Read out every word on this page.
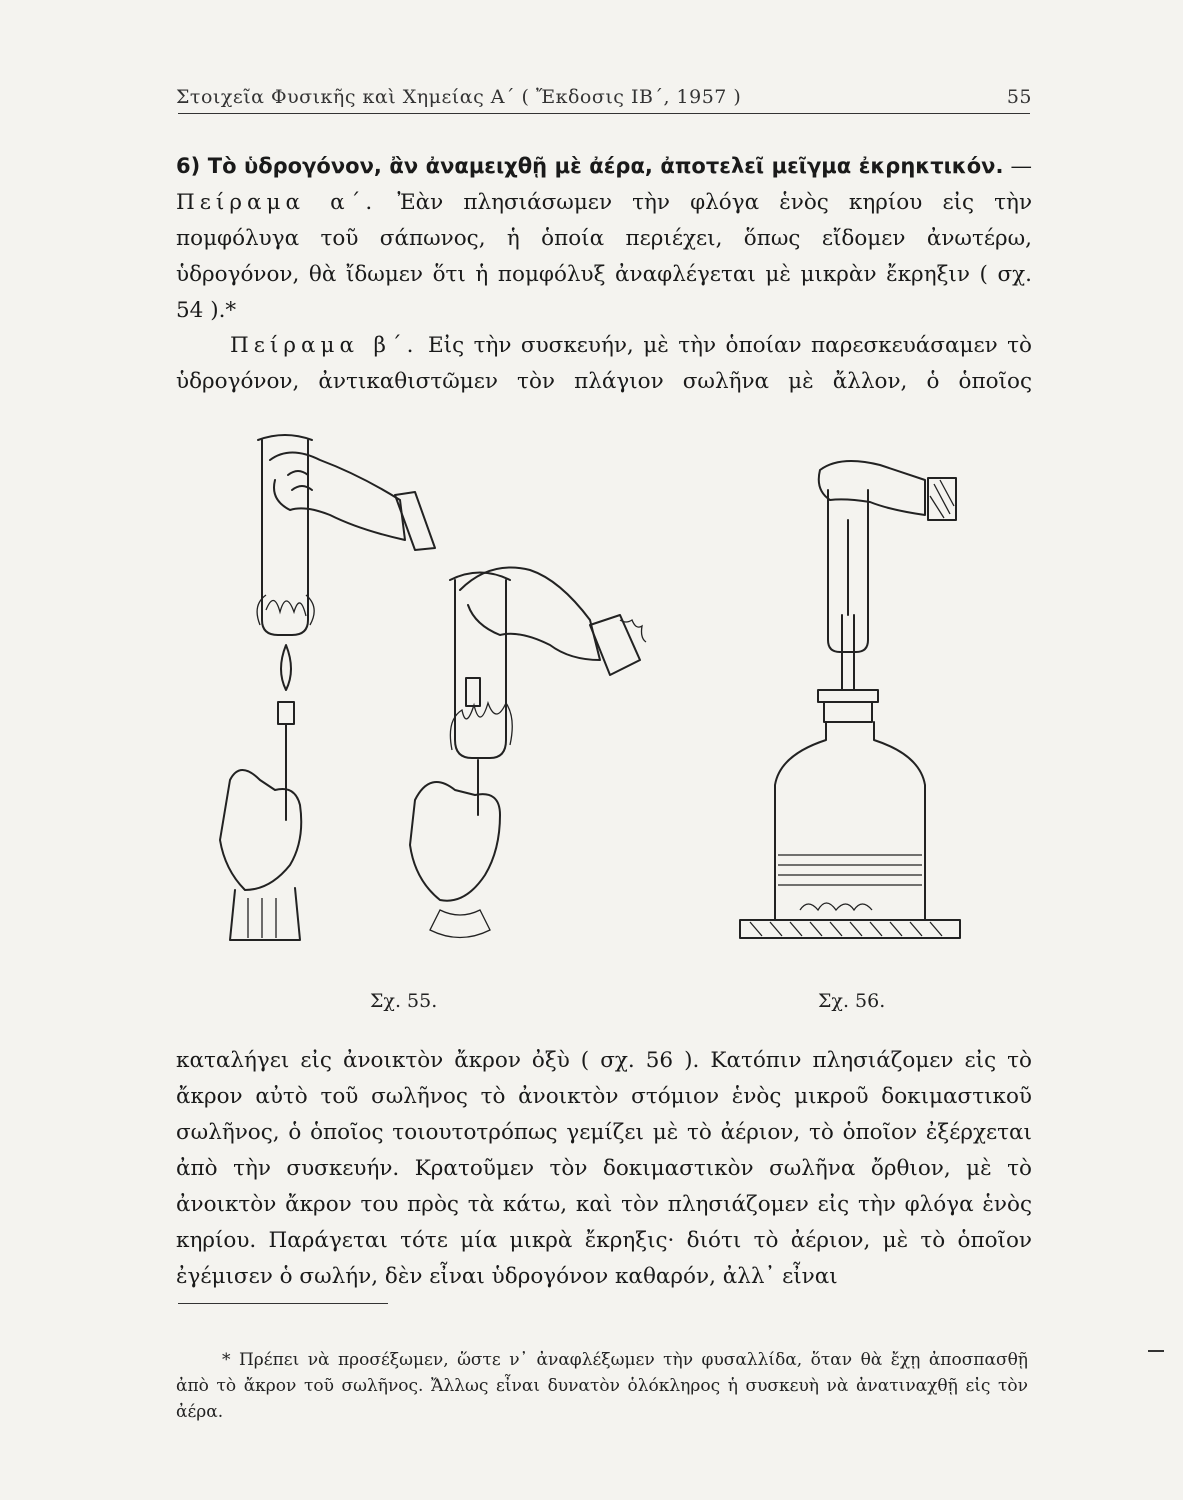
Στοιχεῖα Φυσικῆς καὶ Χημείας Α΄ ( Ἔκδοσις ΙΒ΄, 1957 )	55

6) Τὸ ὑδρογόνον, ἂν ἀναμειχθῇ μὲ ἀέρα, ἀποτελεῖ μεῖγμα ἐκρηκτικόν. — Πείραμα α΄. Ἐὰν πλησιάσωμεν τὴν φλόγα ἑνὸς κηρίου εἰς τὴν πομφόλυγα τοῦ σάπωνος, ἡ ὁποία περιέχει, ὅπως εἴδομεν ἀνωτέρω, ὑδρογόνον, θὰ ἴδωμεν ὅτι ἡ πομφόλυξ ἀναφλέγεται μὲ μικρὰν ἔκρηξιν ( σχ. 54 ).*

Πείραμα β΄. Εἰς τὴν συσκευήν, μὲ τὴν ὁποίαν παρεσκευάσαμεν τὸ ὑδρογόνον, ἀντικαθιστῶμεν τὸν πλάγιον σωλῆνα μὲ ἄλλον, ὁ ὁποῖος

Σχ. 55.	Σχ. 56.

καταλήγει εἰς ἀνοικτὸν ἄκρον ὀξὺ ( σχ. 56 ). Κατόπιν πλησιάζομεν εἰς τὸ ἄκρον αὐτὸ τοῦ σωλῆνος τὸ ἀνοικτὸν στόμιον ἑνὸς μικροῦ δοκιμαστικοῦ σωλῆνος, ὁ ὁποῖος τοιουτοτρόπως γεμίζει μὲ τὸ ἀέριον, τὸ ὁποῖον ἐξέρχεται ἀπὸ τὴν συσκευήν. Κρατοῦμεν τὸν δοκιμαστικὸν σωλῆνα ὄρθιον, μὲ τὸ ἀνοικτὸν ἄκρον του πρὸς τὰ κάτω, καὶ τὸν πλησιάζομεν εἰς τὴν φλόγα ἑνὸς κηρίου. Παράγεται τότε μία μικρὰ ἔκρηξις· διότι τὸ ἀέριον, μὲ τὸ ὁποῖον ἐγέμισεν ὁ σωλήν, δὲν εἶναι ὑδρογόνον καθαρόν, ἀλλ᾽ εἶναι

* Πρέπει νὰ προσέξωμεν, ὥστε ν᾽ ἀναφλέξωμεν τὴν φυσαλλίδα, ὅταν θὰ ἔχῃ ἀποσπασθῇ ἀπὸ τὸ ἄκρον τοῦ σωλῆνος. Ἄλλως εἶναι δυνατὸν ὁλόκληρος ἡ συσκευὴ νὰ ἀνατιναχθῇ εἰς τὸν ἀέρα.
